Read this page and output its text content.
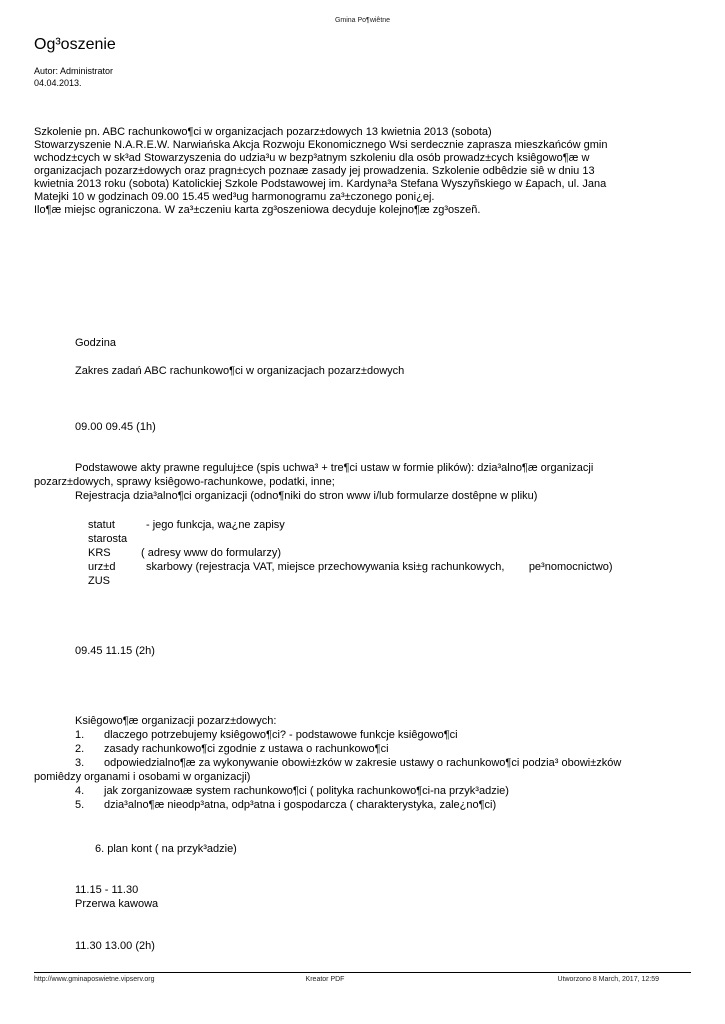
Gmina Po¶wiêtne
Og³oszenie
Autor: Administrator
04.04.2013.
Szkolenie pn. ABC rachunkowo¶ci w organizacjach pozarz±dowych 13 kwietnia 2013 (sobota)
Stowarzyszenie N.A.R.E.W. Narwiańska Akcja Rozwoju Ekonomicznego Wsi serdecznie zaprasza mieszkańców gmin
wchodz±cych w sk³ad Stowarzyszenia do udzia³u w bezp³atnym szkoleniu dla osób prowadz±cych ksiêgowo¶æ w
organizacjach pozarz±dowych oraz pragn±cych poznaæ zasady jej prowadzenia. Szkolenie odbêdzie siê w dniu 13
kwietnia 2013 roku (sobota) Katolickiej Szkole Podstawowej im. Kardyna³a Stefana Wyszyñskiego w £apach, ul. Jana
Matejki 10 w godzinach 09.00 15.45 wed³ug harmonogramu za³±czonego poni¿ej.
Ilo¶æ miejsc ograniczona. W za³±czeniu karta zg³oszeniowa decyduje kolejno¶æ zg³oszeñ.
Godzina
Zakres zadań ABC rachunkowo¶ci w organizacjach pozarz±dowych
09.00 09.45 (1h)
Podstawowe akty prawne reguluj±ce (spis uchwa³ + tre¶ci ustaw w formie plików): dzia³alno¶æ organizacji
pozarz±dowych, sprawy ksiêgowo-rachunkowe, podatki, inne;
Rejestracja dzia³alno¶ci organizacji (odno¶niki do stron www i/lub formularze dostêpne w pliku)
statut	- jego funkcja, wa¿ne zapisy
starosta
KRS	( adresy www do formularzy)
urz±d	skarbowy (rejestracja VAT, miejsce przechowywania ksi±g rachunkowych,        pe³nomocnictwo)
ZUS
09.45 11.15 (2h)
Ksiêgowo¶æ organizacji pozarz±dowych:
1. dlaczego potrzebujemy ksiêgowo¶ci? - podstawowe funkcje ksiêgowo¶ci
2. zasady rachunkowo¶ci zgodnie z ustawa o rachunkowo¶ci
3. odpowiedzialno¶æ za wykonywanie obowi±zków w zakresie ustawy o rachunkowo¶ci podzia³ obowi±zków
pomiêdzy organami i osobami w organizacji)
4. jak zorganizowaæ system rachunkowo¶ci ( polityka rachunkowo¶ci-na przyk³adzie)
5. dzia³alno¶æ nieodp³atna, odp³atna i gospodarcza ( charakterystyka, zale¿no¶ci)
6. plan kont ( na przyk³adzie)
11.15 - 11.30
Przerwa kawowa
11.30 13.00 (2h)
http://www.gminaposwietne.vipserv.org	Kreator PDF	Utworzono 8 March, 2017, 12:59
